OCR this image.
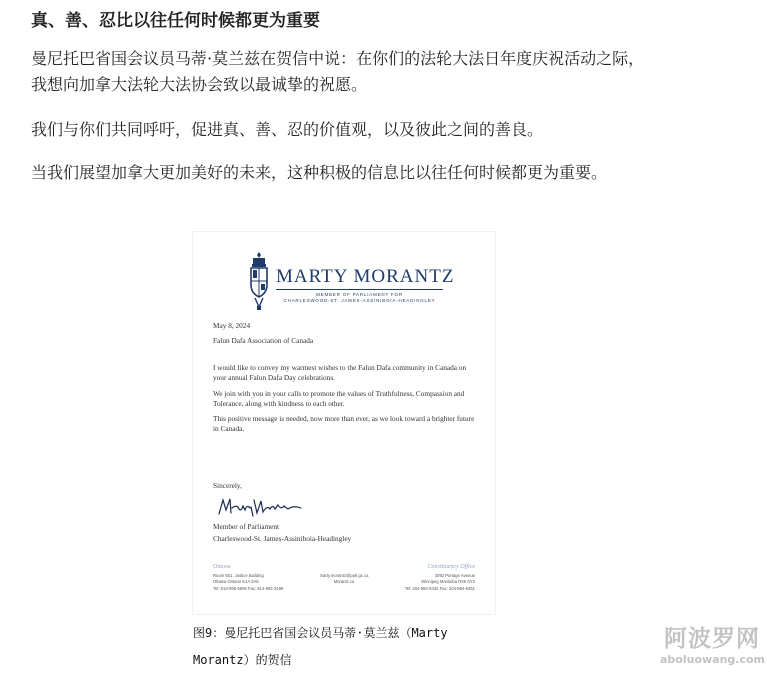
真、善、忍比以往任何时候都更为重要
曼尼托巴省国会议员马蒂·莫兰兹在贺信中说：在你们的法轮大法日年度庆祝活动之际，我想向加拿大法轮大法协会致以最诚挚的祝愿。
我们与你们共同呼吁，促进真、善、忍的价值观，以及彼此之间的善良。
当我们展望加拿大更加美好的未来，这种积极的信息比以往任何时候都更为重要。
MARTY MORANTZ
MEMBER OF PARLIAMENT FOR
CHARLESWOOD-ST. JAMES-ASSINIBOIA-HEADINGLEY
May 8, 2024
Falun Dafa Association of Canada
I would like to convey my warmest wishes to the Falun Dafa community in Canada on your annual Falun Dafa Day celebrations.
We join with you in your calls to promote the values of Truthfulness, Compassion and Tolerance, along with kindness to each other.
This positive message is needed, now more than ever, as we look toward a brighter future in Canada.
Sincerely,
Member of Parliament
Charleswood-St. James-Assiniboia-Headingley
Ottawa	Constituency Office
Room 501, Justice Building
Ottawa Ontario K1A 0A6
Tel: 613-995-5609 Fax: 613-992-3199
marty.morantz@parl.gc.ca
Morantz.ca
3092 Portage Avenue
Winnipeg Manitoba R3K 0Y2
Tel: 204-984-6432 Fax: 204-984-6451
图9：曼尼托巴省国会议员马蒂·莫兰兹（Marty
Morantz）的贺信
阿波罗网
aboluowang.com
